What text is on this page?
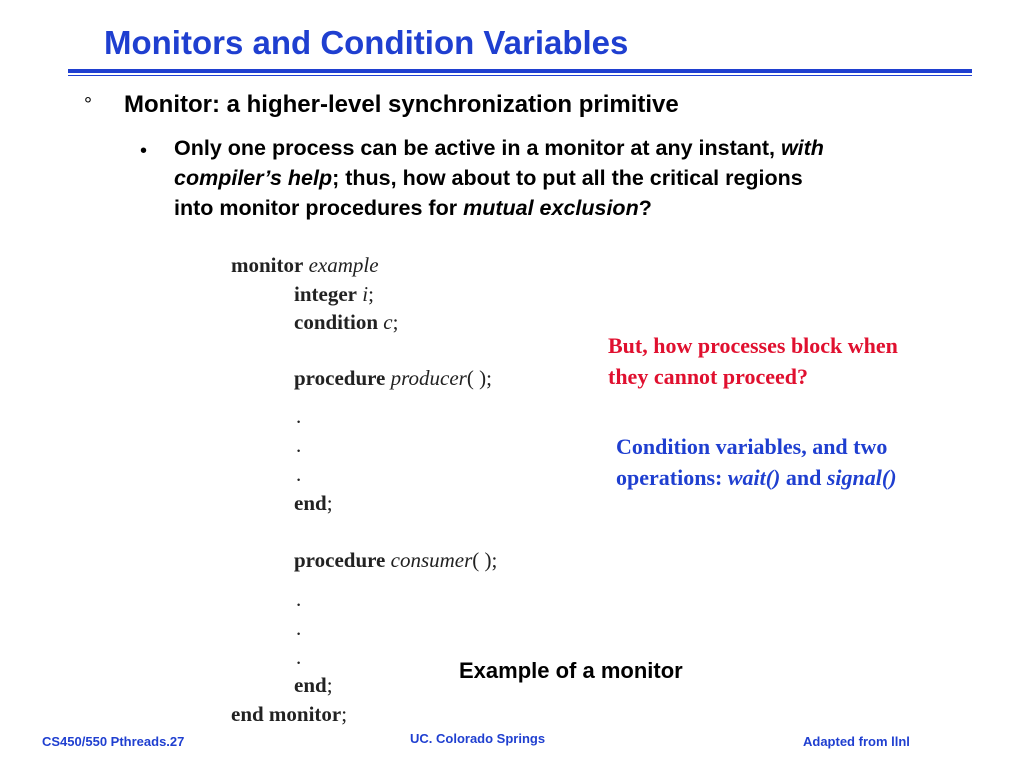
Monitors and Condition Variables
° Monitor: a higher-level synchronization primitive
• Only one process can be active in a monitor at any instant, with
compiler’s help; thus, how about to put all the critical regions
into monitor procedures for mutual exclusion?
monitor example
integer i;
condition c;
procedure producer( );
.
.
.
end;
procedure consumer( );
.
.
.
end;
end monitor;
But, how processes block when
they cannot proceed?
Condition variables, and two
operations: wait() and signal()
Example of a monitor
CS450/550 Pthreads.27	UC. Colorado Springs	Adapted from llnl
